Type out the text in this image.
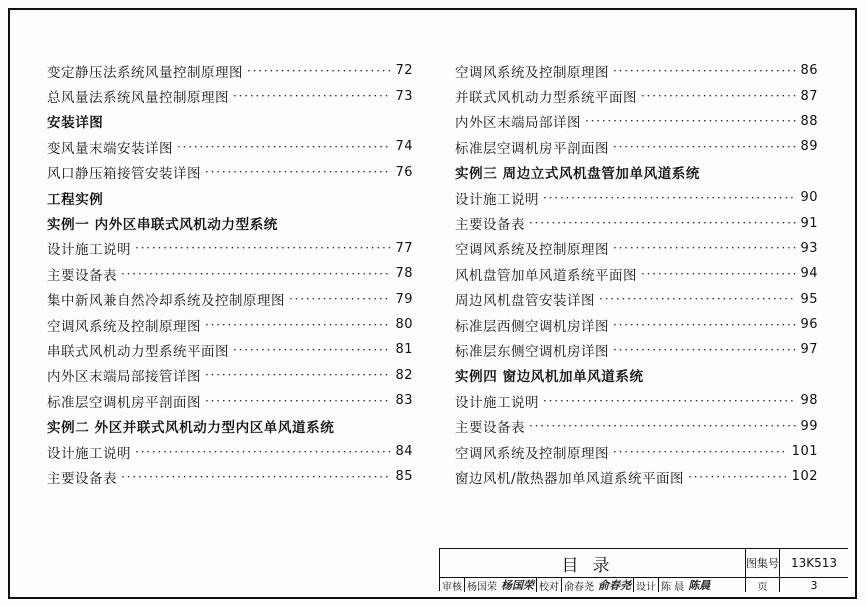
变定静压法系统风量控制原理图 ·····	72
总风量法系统风量控制原理图 ·····	73
安装详图
变风量末端安装详图 ·····	74
风口静压箱接管安装详图 ·····	76
工程实例
实例一 内外区串联式风机动力型系统
设计施工说明 ·····	77
主要设备表 ·····	78
集中新风兼自然冷却系统及控制原理图 ·····	79
空调风系统及控制原理图 ·····	80
串联式风机动力型系统平面图 ·····	81
内外区末端局部接管详图 ·····	82
标准层空调机房平剖面图 ·····	83
实例二 外区并联式风机动力型内区单风道系统
设计施工说明 ·····	84
主要设备表 ·····	85
空调风系统及控制原理图 ·····	86
并联式风机动力型系统平面图 ·····	87
内外区末端局部详图 ·····	88
标准层空调机房平剖面图 ·····	89
实例三 周边立式风机盘管加单风道系统
设计施工说明 ·····	90
主要设备表 ·····	91
空调风系统及控制原理图 ·····	93
风机盘管加单风道系统平面图 ·····	94
周边风机盘管安装详图 ·····	95
标准层西侧空调机房详图 ·····	96
标准层东侧空调机房详图 ·····	97
实例四 窗边风机加单风道系统
设计施工说明 ·····	98
主要设备表 ·····	99
空调风系统及控制原理图 ·····	101
窗边风机/散热器加单风道系统平面图 ·····	102
目录	图集号 13K513
审核 杨国荣 杨国荣 校对 俞春尧 俞春尧 设计 陈 晨 陈晨	页	3
